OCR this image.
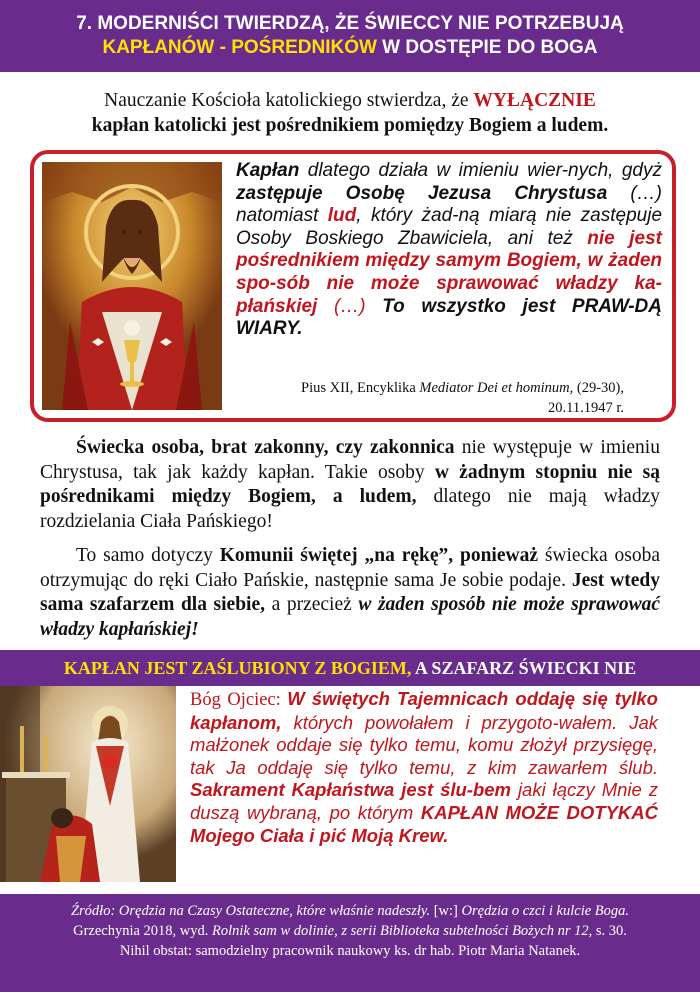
7. MODERNIŚCI TWIERDZĄ, ŻE ŚWIECCY NIE POTRZEBUJĄ
KAPŁANÓW - POŚREDNIKÓW W DOSTĘPIE DO BOGA
Nauczanie Kościoła katolickiego stwierdza, że WYŁĄCZNIE
kapłan katolicki jest pośrednikiem pomiędzy Bogiem a ludem.
Kapłan dlatego działa w imieniu wier-nych, gdyż zastępuje Osobę Jezusa Chrystusa (…) natomiast lud, który żad-ną miarą nie zastępuje Osoby Boskiego Zbawiciela, ani też nie jest pośrednikiem między samym Bogiem, w żaden spo-sób nie może sprawować władzy ka-płańskiej (…) To wszystko jest PRAW-DĄ WIARY.
Pius XII, Encyklika Mediator Dei et hominum, (29-30),
20.11.1947 r.
Świecka osoba, brat zakonny, czy zakonnica nie występuje w imieniu Chrystusa, tak jak każdy kapłan. Takie osoby w żadnym stopniu nie są pośrednikami między Bogiem, a ludem, dlatego nie mają władzy rozdzielania Ciała Pańskiego!
To samo dotyczy Komunii świętej „na rękę”, ponieważ świecka osoba otrzymując do ręki Ciało Pańskie, następnie sama Je sobie podaje. Jest wtedy sama szafarzem dla siebie, a przecież w żaden sposób nie może sprawować władzy kapłańskiej!
KAPŁAN JEST ZAŚLUBIONY Z BOGIEM, A SZAFARZ ŚWIECKI NIE
Bóg Ojciec: W świętych Tajemnicach oddaję się tylko kapłanom, których powołałem i przygoto-wałem. Jak małżonek oddaje się tylko temu, komu złożył przysięgę, tak Ja oddaję się tylko temu, z kim zawarłem ślub. Sakrament Kapłaństwa jest ślu-bem jaki łączy Mnie z duszą wybraną, po którym KAPŁAN MOŻE DOTYKAĆ Mojego Ciała i pić Moją Krew.
Źródło: Orędzia na Czasy Ostateczne, które właśnie nadeszły. [w:] Orędzia o czci i kulcie Boga.
Grzechynia 2018, wyd. Rolnik sam w dolinie, z serii Biblioteka subtelności Bożych nr 12, s. 30.
Nihil obstat: samodzielny pracownik naukowy ks. dr hab. Piotr Maria Natanek.
